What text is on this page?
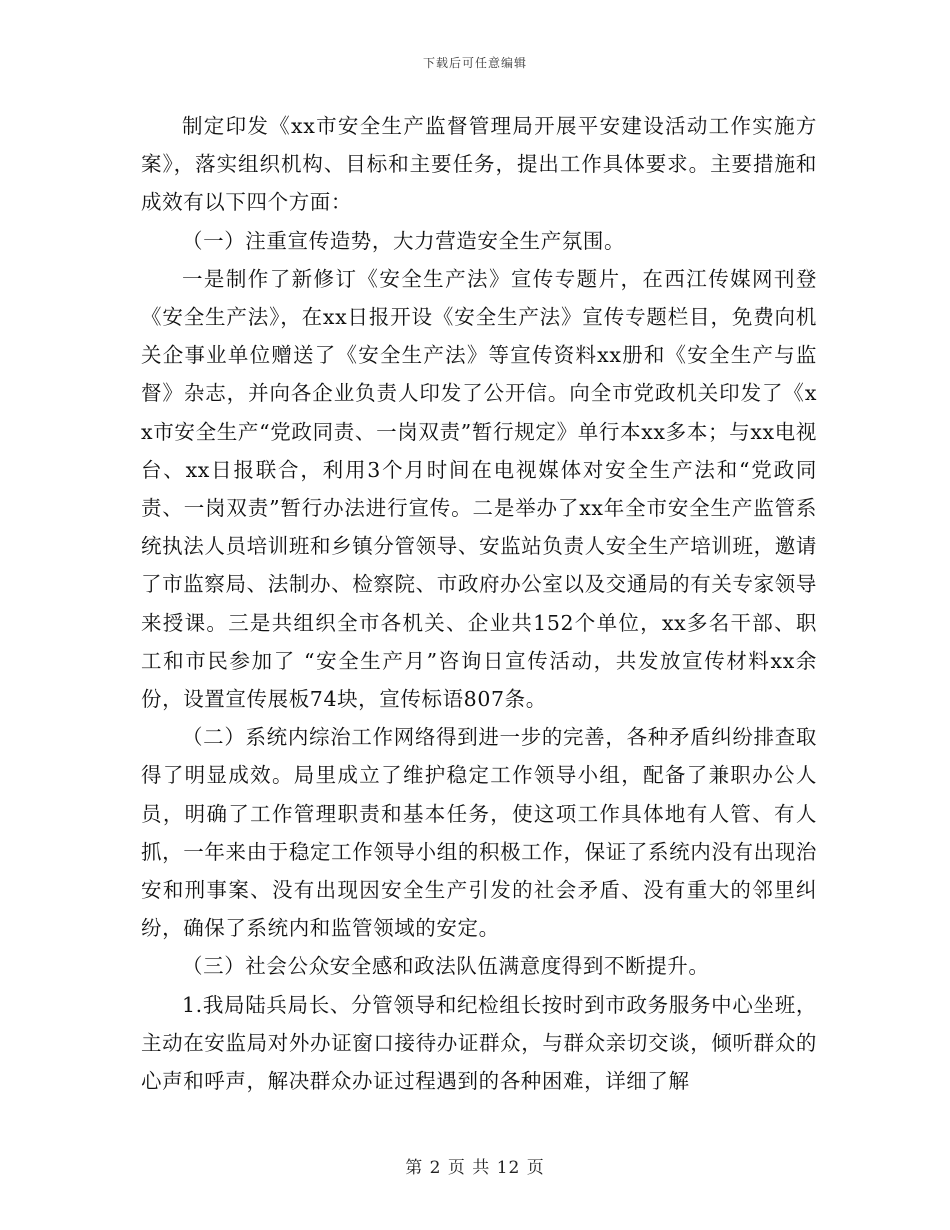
下载后可任意编辑

制定印发《xx市安全生产监督管理局开展平安建设活动工作实施方案》，落实组织机构、目标和主要任务，提出工作具体要求。主要措施和成效有以下四个方面：

（一）注重宣传造势，大力营造安全生产氛围。

一是制作了新修订《安全生产法》宣传专题片，在西江传媒网刊登《安全生产法》，在xx日报开设《安全生产法》宣传专题栏目，免费向机关企事业单位赠送了《安全生产法》等宣传资料xx册和《安全生产与监督》杂志，并向各企业负责人印发了公开信。向全市党政机关印发了《xx市安全生产“党政同责、一岗双责”暂行规定》单行本xx多本；与xx电视台、xx日报联合，利用3个月时间在电视媒体对安全生产法和“党政同责、一岗双责”暂行办法进行宣传。二是举办了xx年全市安全生产监管系统执法人员培训班和乡镇分管领导、安监站负责人安全生产培训班，邀请了市监察局、法制办、检察院、市政府办公室以及交通局的有关专家领导来授课。三是共组织全市各机关、企业共152个单位，xx多名干部、职工和市民参加了 “安全生产月”咨询日宣传活动，共发放宣传材料xx余份，设置宣传展板74块，宣传标语807条。

（二）系统内综治工作网络得到进一步的完善，各种矛盾纠纷排查取得了明显成效。局里成立了维护稳定工作领导小组，配备了兼职办公人员，明确了工作管理职责和基本任务，使这项工作具体地有人管、有人抓，一年来由于稳定工作领导小组的积极工作，保证了系统内没有出现治安和刑事案、没有出现因安全生产引发的社会矛盾、没有重大的邻里纠纷，确保了系统内和监管领域的安定。

（三）社会公众安全感和政法队伍满意度得到不断提升。

1.我局陆兵局长、分管领导和纪检组长按时到市政务服务中心坐班，主动在安监局对外办证窗口接待办证群众，与群众亲切交谈，倾听群众的心声和呼声，解决群众办证过程遇到的各种困难，详细了解

第 2 页 共 12 页
